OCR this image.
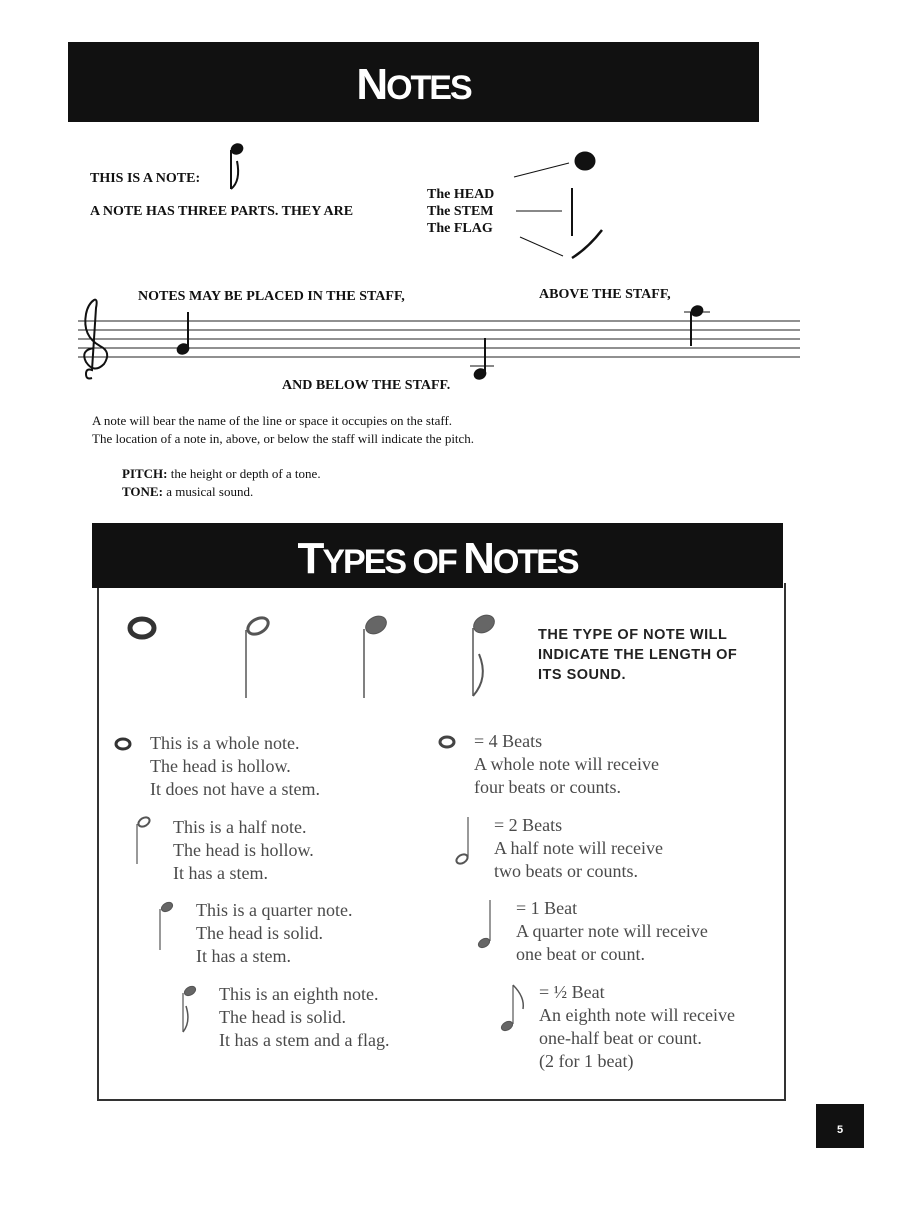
NOTES
THIS IS A NOTE:
A NOTE HAS THREE PARTS. THEY ARE
The HEAD
The STEM
The FLAG
NOTES MAY BE PLACED IN THE STAFF,	ABOVE THE STAFF,
AND BELOW THE STAFF.
A note will bear the name of the line or space it occupies on the staff.
The location of a note in, above, or below the staff will indicate the pitch.
PITCH: the height or depth of a tone.
TONE: a musical sound.
TYPES OF NOTES
THE TYPE OF NOTE WILL
INDICATE THE LENGTH OF
ITS SOUND.
This is a whole note.
The head is hollow.
It does not have a stem.
= 4 Beats
A whole note will receive
four beats or counts.
This is a half note.
The head is hollow.
It has a stem.
= 2 Beats
A half note will receive
two beats or counts.
This is a quarter note.
The head is solid.
It has a stem.
= 1 Beat
A quarter note will receive
one beat or count.
This is an eighth note.
The head is solid.
It has a stem and a flag.
= ½ Beat
An eighth note will receive
one-half beat or count.
(2 for 1 beat)
5
